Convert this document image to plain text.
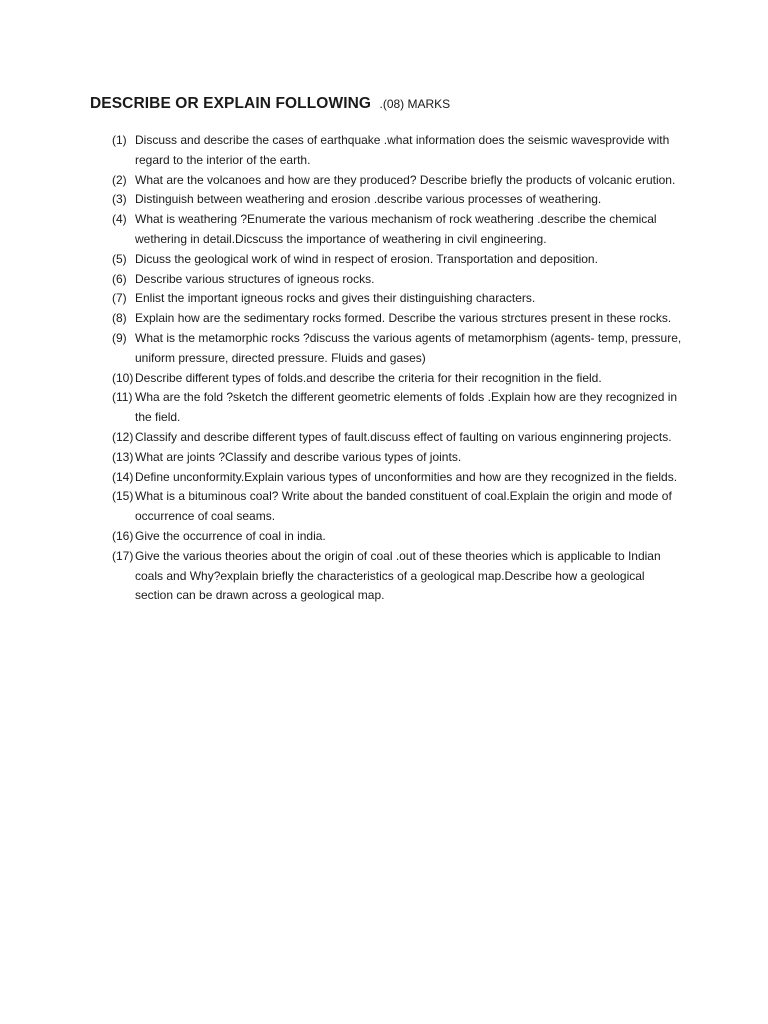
DESCRIBE OR EXPLAIN FOLLOWING .(08) MARKS
(1) Discuss and describe the cases of earthquake .what information does the seismic wavesprovide with regard to the interior of the earth.
(2) What are the volcanoes and how are they produced? Describe briefly the products of volcanic erution.
(3) Distinguish between weathering and erosion .describe various processes of weathering.
(4) What is weathering ?Enumerate the various mechanism of rock weathering .describe the chemical wethering in detail.Dicscuss the importance of weathering in civil engineering.
(5) Dicuss the geological work of wind in respect of erosion. Transportation and deposition.
(6) Describe various structures of igneous rocks.
(7) Enlist the important igneous rocks and gives their distinguishing characters.
(8) Explain how are the sedimentary rocks formed. Describe the various strctures present in these rocks.
(9) What is the metamorphic rocks ?discuss the various agents of metamorphism (agents- temp, pressure, uniform pressure, directed pressure. Fluids and gases)
(10) Describe different types of folds.and describe the criteria for their recognition in the field.
(11) Wha are the fold ?sketch the different geometric elements of folds .Explain how are they recognized in the field.
(12) Classify and describe different types of fault.discuss effect of faulting on various enginnering projects.
(13) What are joints ?Classify and describe various types of joints.
(14) Define unconformity.Explain various types of unconformities and how are they recognized in the fields.
(15) What is a bituminous coal? Write about the banded constituent of coal.Explain the origin and mode of occurrence of coal seams.
(16) Give the occurrence of coal in india.
(17) Give the various theories about the origin of coal .out of these theories which is applicable to Indian coals and Why?explain briefly the characteristics of a geological map.Describe how a geological section can be drawn across a geological map.
